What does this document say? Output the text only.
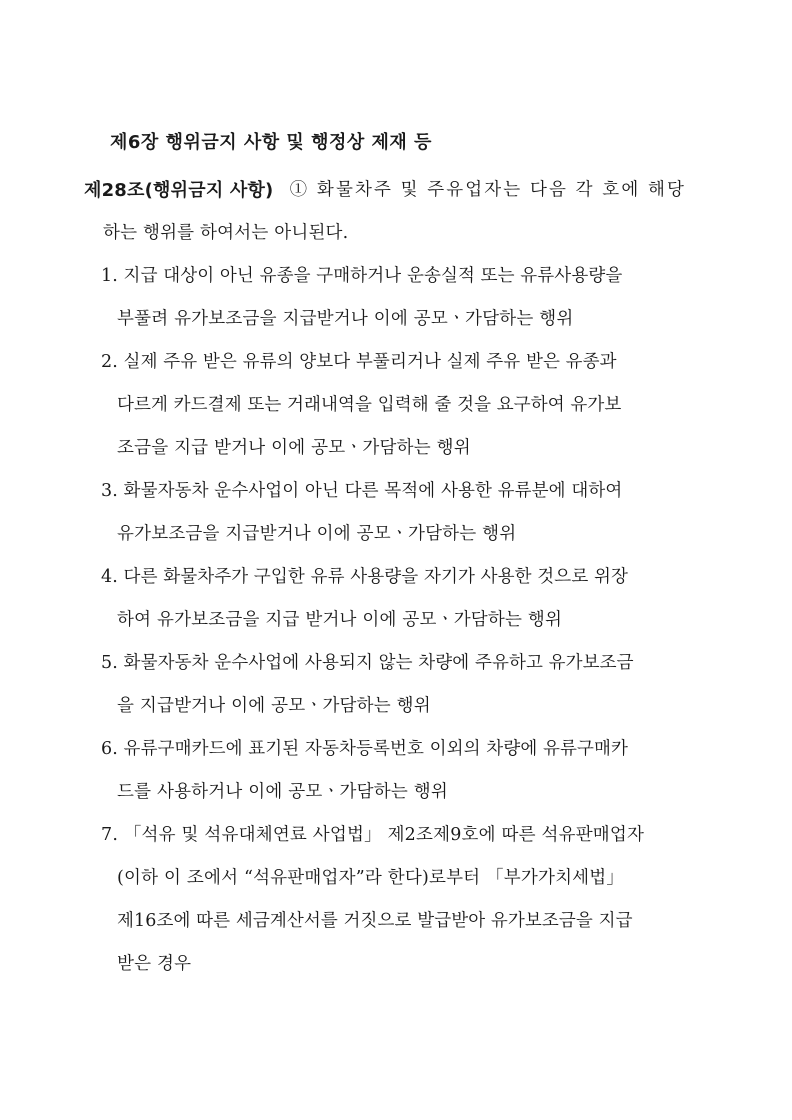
제6장 행위금지 사항 및 행정상 제재 등
제28조(행위금지 사항) ① 화물차주 및 주유업자는 다음 각 호에 해당
하는 행위를 하여서는 아니된다.
1. 지급 대상이 아닌 유종을 구매하거나 운송실적 또는 유류사용량을
부풀려 유가보조금을 지급받거나 이에 공모ㆍ가담하는 행위
2. 실제 주유 받은 유류의 양보다 부풀리거나 실제 주유 받은 유종과
다르게 카드결제 또는 거래내역을 입력해 줄 것을 요구하여 유가보
조금을 지급 받거나 이에 공모ㆍ가담하는 행위
3. 화물자동차 운수사업이 아닌 다른 목적에 사용한 유류분에 대하여
유가보조금을 지급받거나 이에 공모ㆍ가담하는 행위
4. 다른 화물차주가 구입한 유류 사용량을 자기가 사용한 것으로 위장
하여 유가보조금을 지급 받거나 이에 공모ㆍ가담하는 행위
5. 화물자동차 운수사업에 사용되지 않는 차량에 주유하고 유가보조금
을 지급받거나 이에 공모ㆍ가담하는 행위
6. 유류구매카드에 표기된 자동차등록번호 이외의 차량에 유류구매카
드를 사용하거나 이에 공모ㆍ가담하는 행위
7. 「석유 및 석유대체연료 사업법」 제2조제9호에 따른 석유판매업자
(이하 이 조에서 “석유판매업자”라 한다)로부터 「부가가치세법」
제16조에 따른 세금계산서를 거짓으로 발급받아 유가보조금을 지급
받은 경우
